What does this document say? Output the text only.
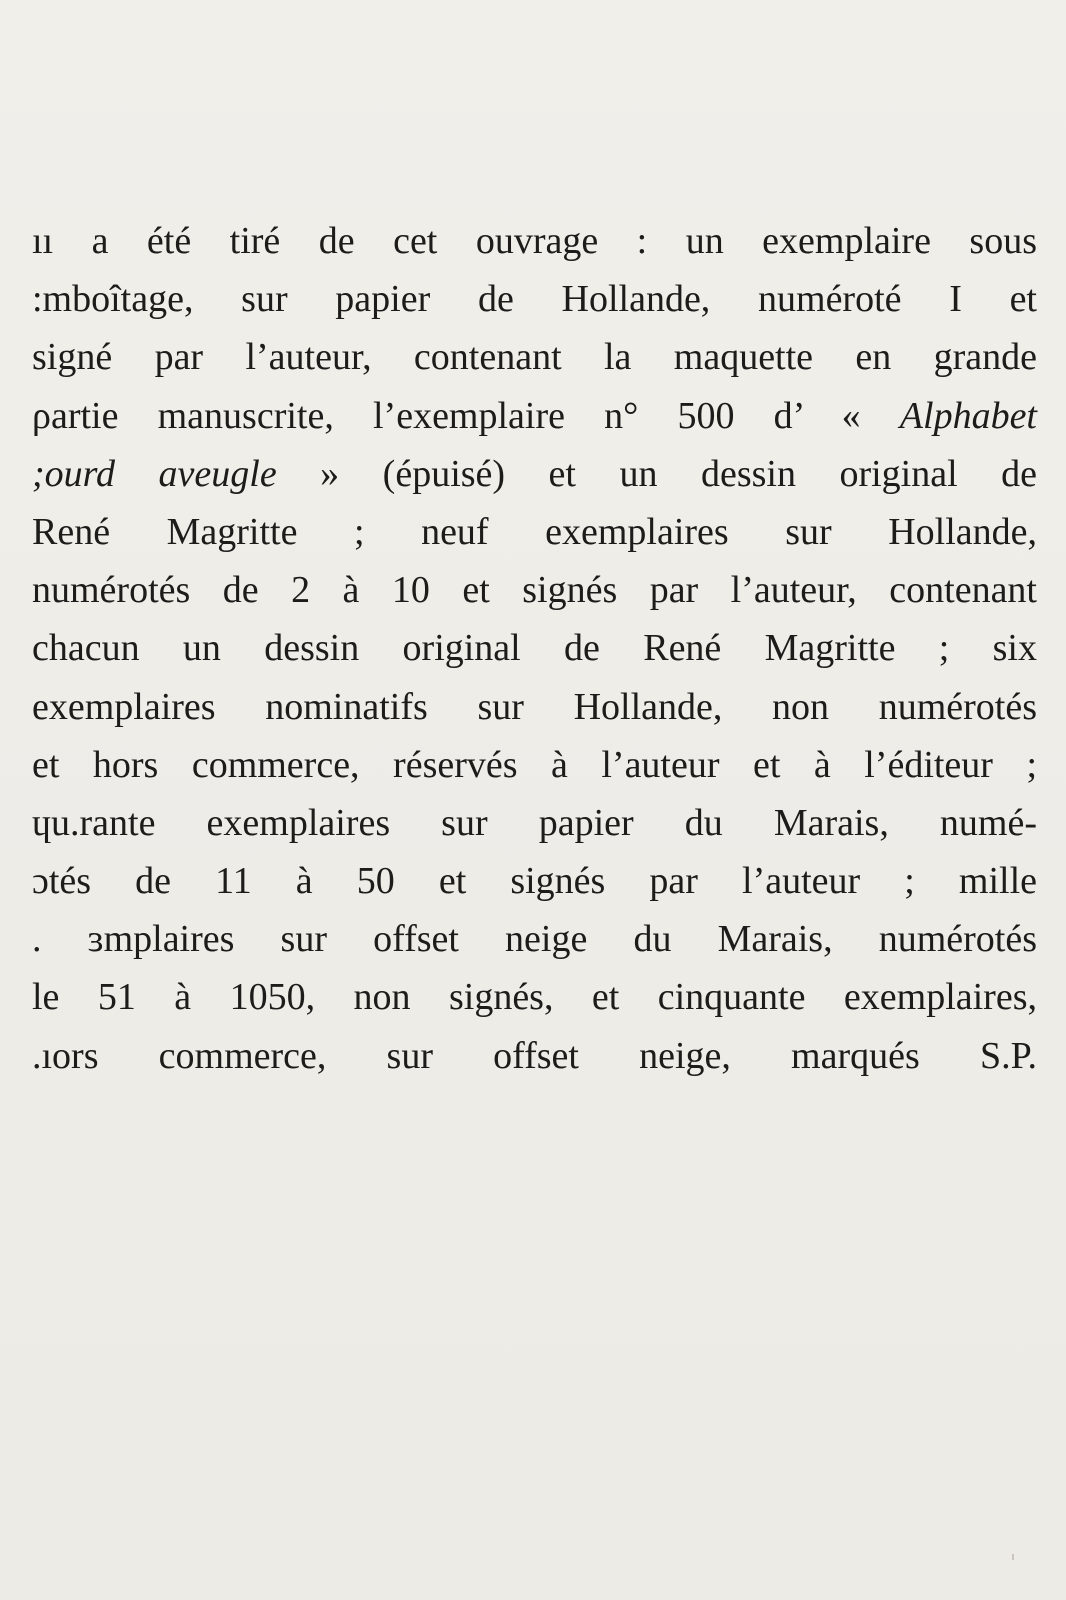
ıı a été tiré de cet ouvrage : un exemplaire sous
:mboîtage, sur papier de Hollande, numéroté I et
signé par l’auteur, contenant la maquette en grande
ρartie manuscrite, l’exemplaire n° 500 d’ « Alphabet
;ourd aveugle » (épuisé) et un dessin original de
René Magritte ; neuf exemplaires sur Hollande,
numérotés de 2 à 10 et signés par l’auteur, contenant
chacun un dessin original de René Magritte ; six
exemplaires nominatifs sur Hollande, non numérotés
et hors commerce, réservés à l’auteur et à l’éditeur ;
ɥu.rante exemplaires sur papier du Marais, numé-
ɔtés de 11 à 50 et signés par l’auteur ; mille
. ɜmplaires sur offset neige du Marais, numérotés
le 51 à 1050, non signés, et cinquante exemplaires,
.ıors commerce, sur offset neige, marqués S.P.
